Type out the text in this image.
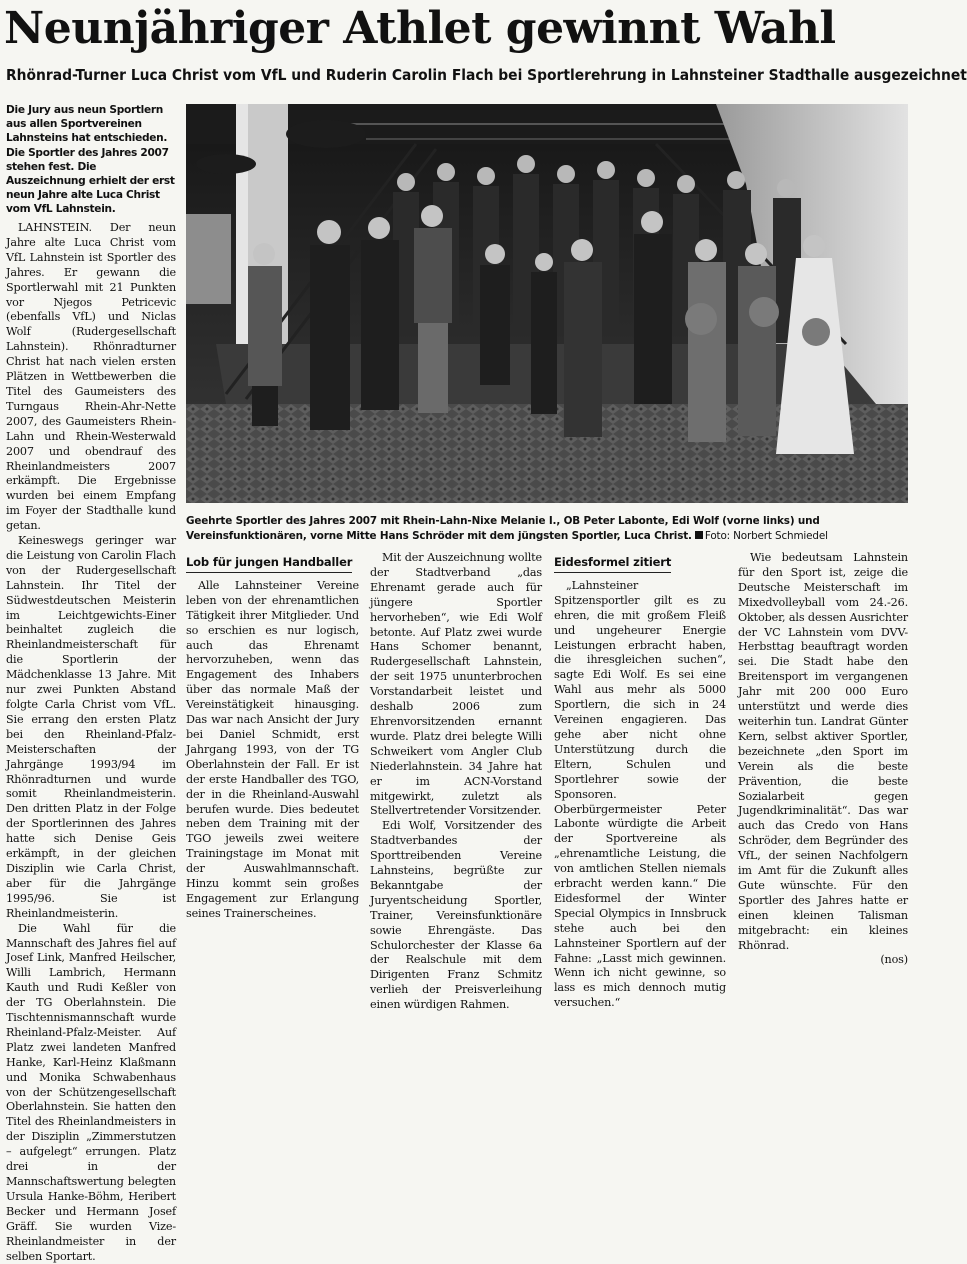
Neunjähriger Athlet gewinnt Wahl
Rhönrad-Turner Luca Christ vom VfL und Ruderin Carolin Flach bei Sportlerehrung in Lahnsteiner Stadthalle ausgezeichnet

Die Jury aus neun Sportlern aus allen Sportvereinen Lahnsteins hat entschieden. Die Sportler des Jahres 2007 stehen fest. Die Auszeichnung erhielt der erst neun Jahre alte Luca Christ vom VfL Lahnstein.

Geehrte Sportler des Jahres 2007 mit Rhein-Lahn-Nixe Melanie I., OB Peter Labonte, Edi Wolf (vorne links) und Vereinsfunktionären, vorne Mitte Hans Schröder mit dem jüngsten Sportler, Luca Christ. Foto: Norbert Schmiedel

LAHNSTEIN. Der neun Jahre alte Luca Christ vom VfL Lahnstein ist Sportler des Jahres. Er gewann die Sportlerwahl mit 21 Punkten vor Njegos Petricevic (ebenfalls VfL) und Niclas Wolf (Rudergesellschaft Lahnstein). Rhönradturner Christ hat nach vielen ersten Plätzen in Wettbewerben die Titel des Gaumeisters des Turngaus Rhein-Ahr-Nette 2007, des Gaumeisters Rhein-Lahn und Rhein-Westerwald 2007 und obendrauf des Rheinlandmeisters 2007 erkämpft. Die Ergebnisse wurden bei einem Empfang im Foyer der Stadthalle kund getan.

Keineswegs geringer war die Leistung von Carolin Flach von der Rudergesellschaft Lahnstein. Ihr Titel der Südwestdeutschen Meisterin im Leichtgewichts-Einer beinhaltet zugleich die Rheinlandmeisterschaft für die Sportlerin der Mädchenklasse 13 Jahre. Mit nur zwei Punkten Abstand folgte Carla Christ vom VfL. Sie errang den ersten Platz bei den Rheinland-Pfalz-Meisterschaften der Jahrgänge 1993/94 im Rhönradturnen und wurde somit Rheinlandmeisterin. Den dritten Platz in der Folge der Sportlerinnen des Jahres hatte sich Denise Geis erkämpft, in der gleichen Disziplin wie Carla Christ, aber für die Jahrgänge 1995/96. Sie ist Rheinlandmeisterin.

Die Wahl für die Mannschaft des Jahres fiel auf Josef Link, Manfred Heilscher, Willi Lambrich, Hermann Kauth und Rudi Keßler von der TG Oberlahnstein. Die Tischtennismannschaft wurde Rheinland-Pfalz-Meister. Auf Platz zwei landeten Manfred Hanke, Karl-Heinz Klaßmann und Monika Schwabenhaus von der Schützengesellschaft Oberlahnstein. Sie hatten den Titel des Rheinlandmeisters in der Disziplin „Zimmerstutzen – aufgelegt“ errungen. Platz drei in der Mannschaftswertung belegten Ursula Hanke-Böhm, Heribert Becker und Hermann Josef Gräff. Sie wurden Vize-Rheinlandmeister in der selben Sportart.

Lob für jungen Handballer

Alle Lahnsteiner Vereine leben von der ehrenamtlichen Tätigkeit ihrer Mitglieder. Und so erschien es nur logisch, auch das Ehrenamt hervorzuheben, wenn das Engagement des Inhabers über das normale Maß der Vereinstätigkeit hinausging. Das war nach Ansicht der Jury bei Daniel Schmidt, erst Jahrgang 1993, von der TG Oberlahnstein der Fall. Er ist der erste Handballer des TGO, der in die Rheinland-Auswahl berufen wurde. Dies bedeutet neben dem Training mit der TGO jeweils zwei weitere Trainingstage im Monat mit der Auswahlmannschaft. Hinzu kommt sein großes Engagement zur Erlangung seines Trainerscheines.

Mit der Auszeichnung wollte der Stadtverband „das Ehrenamt gerade auch für jüngere Sportler hervorheben“, wie Edi Wolf betonte. Auf Platz zwei wurde Hans Schomer benannt, Rudergesellschaft Lahnstein, der seit 1975 ununterbrochen Vorstandarbeit leistet und deshalb 2006 zum Ehrenvorsitzenden ernannt wurde. Platz drei belegte Willi Schweikert vom Angler Club Niederlahnstein. 34 Jahre hat er im ACN-Vorstand mitgewirkt, zuletzt als Stellvertretender Vorsitzender.

Edi Wolf, Vorsitzender des Stadtverbandes der Sporttreibenden Vereine Lahnsteins, begrüßte zur Bekanntgabe der Juryentscheidung Sportler, Trainer, Vereinsfunktionäre sowie Ehrengäste. Das Schulorchester der Klasse 6a der Realschule mit dem Dirigenten Franz Schmitz verlieh der Preisverleihung einen würdigen Rahmen.

Eidesformel zitiert

„Lahnsteiner Spitzensportler gilt es zu ehren, die mit großem Fleiß und ungeheurer Energie Leistungen erbracht haben, die ihresgleichen suchen“, sagte Edi Wolf. Es sei eine Wahl aus mehr als 5000 Sportlern, die sich in 24 Vereinen engagieren. Das gehe aber nicht ohne Unterstützung durch die Eltern, Schulen und Sportlehrer sowie der Sponsoren. Oberbürgermeister Peter Labonte würdigte die Arbeit der Sportvereine als „ehrenamtliche Leistung, die von amtlichen Stellen niemals erbracht werden kann.“ Die Eidesformel der Winter Special Olympics in Innsbruck stehe auch bei den Lahnsteiner Sportlern auf der Fahne: „Lasst mich gewinnen. Wenn ich nicht gewinne, so lass es mich dennoch mutig versuchen.“

Wie bedeutsam Lahnstein für den Sport ist, zeige die Deutsche Meisterschaft im Mixedvolleyball vom 24.-26. Oktober, als dessen Ausrichter der VC Lahnstein vom DVV-Herbsttag beauftragt worden sei. Die Stadt habe den Breitensport im vergangenen Jahr mit 200 000 Euro unterstützt und werde dies weiterhin tun. Landrat Günter Kern, selbst aktiver Sportler, bezeichnete „den Sport im Verein als die beste Prävention, die beste Sozialarbeit gegen Jugendkriminalität“. Das war auch das Credo von Hans Schröder, dem Begründer des VfL, der seinen Nachfolgern im Amt für die Zukunft alles Gute wünschte. Für den Sportler des Jahres hatte er einen kleinen Talisman mitgebracht: ein kleines Rhönrad.

(nos)
